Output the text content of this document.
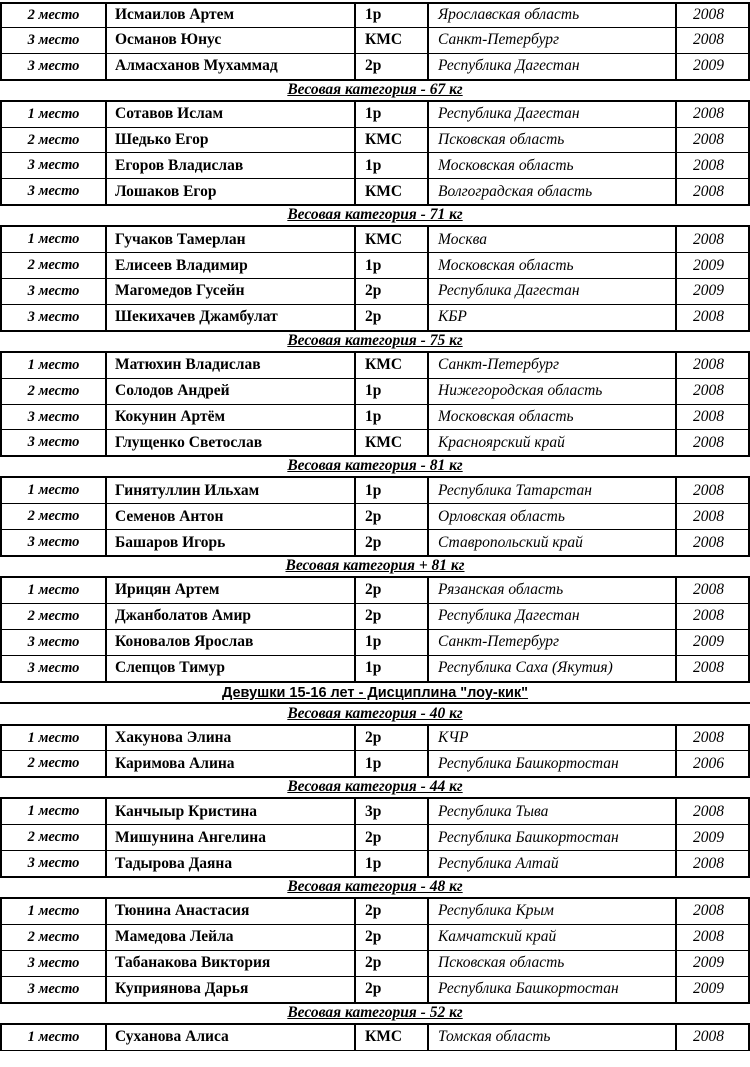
2 место	Исмаилов Артем	1р	Ярославская область	2008
3 место	Османов Юнус	КМС	Санкт-Петербург	2008
3 место	Алмасханов Мухаммад	2р	Республика Дагестан	2009
Весовая категория - 67 кг
1 место	Сотавов Ислам	1р	Республика Дагестан	2008
2 место	Шедько Егор	КМС	Псковская область	2008
3 место	Егоров Владислав	1р	Московская область	2008
3 место	Лошаков Егор	КМС	Волгоградская область	2008
Весовая категория - 71 кг
1 место	Гучаков Тамерлан	КМС	Москва	2008
2 место	Елисеев Владимир	1р	Московская область	2009
3 место	Магомедов Гусейн	2р	Республика Дагестан	2009
3 место	Шекихачев Джамбулат	2р	КБР	2008
Весовая категория - 75 кг
1 место	Матюхин Владислав	КМС	Санкт-Петербург	2008
2 место	Солодов Андрей	1р	Нижегородская область	2008
3 место	Кокунин Артём	1р	Московская область	2008
3 место	Глущенко Светослав	КМС	Красноярский край	2008
Весовая категория - 81 кг
1 место	Гинятуллин Ильхам	1р	Республика Татарстан	2008
2 место	Семенов Антон	2р	Орловская область	2008
3 место	Башаров Игорь	2р	Ставропольский край	2008
Весовая категория + 81 кг
1 место	Ирицян Артем	2р	Рязанская область	2008
2 место	Джанболатов Амир	2р	Республика Дагестан	2008
3 место	Коновалов Ярослав	1р	Санкт-Петербург	2009
3 место	Слепцов Тимур	1р	Республика Саха (Якутия)	2008
Девушки 15-16 лет - Дисциплина "лоу-кик"
Весовая категория - 40 кг
1 место	Хакунова Элина	2р	КЧР	2008
2 место	Каримова Алина	1р	Республика Башкортостан	2006
Весовая категория - 44 кг
1 место	Канчыыр Кристина	3р	Республика Тыва	2008
2 место	Мишунина Ангелина	2р	Республика Башкортостан	2009
3 место	Тадырова Даяна	1р	Республика Алтай	2008
Весовая категория - 48 кг
1 место	Тюнина Анастасия	2р	Республика Крым	2008
2 место	Мамедова Лейла	2р	Камчатский край	2008
3 место	Табанакова Виктория	2р	Псковская область	2009
3 место	Куприянова Дарья	2р	Республика Башкортостан	2009
Весовая категория - 52 кг
1 место	Суханова Алиса	КМС	Томская область	2008
